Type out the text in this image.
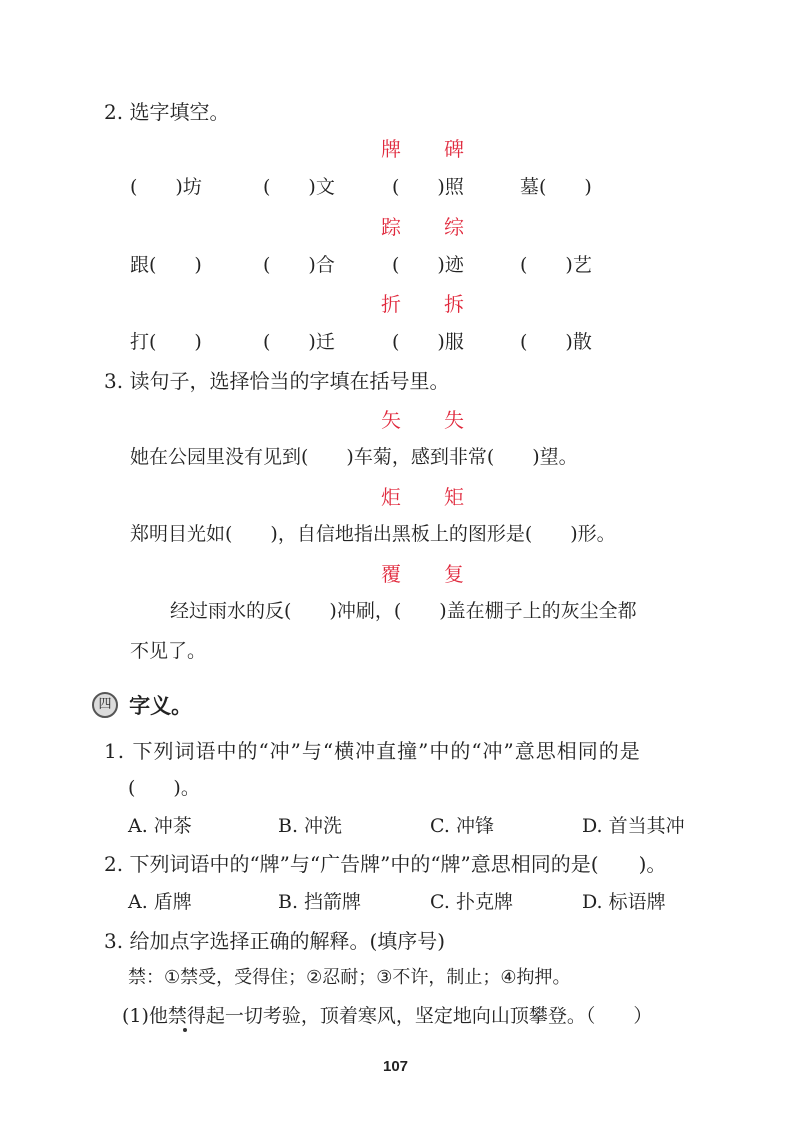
2. 选字填空。
牌 碑
(　　)坊	(　　)文	(　　)照	墓(　　)
踪 综
跟(　　)	(　　)合	(　　)迹	(　　)艺
折 拆
打(　　)	(　　)迁	(　　)服	(　　)散
3. 读句子，选择恰当的字填在括号里。
矢 失
她在公园里没有见到(　　)车菊，感到非常(　　)望。
炬 矩
郑明目光如(　　)，自信地指出黑板上的图形是(　　)形。
覆 复
经过雨水的反(　　)冲刷，(　　)盖在棚子上的灰尘全都
不见了。
四 字义。
1. 下列词语中的“冲”与“横冲直撞”中的“冲”意思相同的是
(　　)。
A. 冲茶	B. 冲洗	C. 冲锋	D. 首当其冲
2. 下列词语中的“牌”与“广告牌”中的“牌”意思相同的是(　　)。
A. 盾牌	B. 挡箭牌	C. 扑克牌	D. 标语牌
3. 给加点字选择正确的解释。(填序号)
禁：①禁受，受得住；②忍耐；③不许，制止；④拘押。
(1)他禁得起一切考验，顶着寒风，坚定地向山顶攀登。（　　）
107
